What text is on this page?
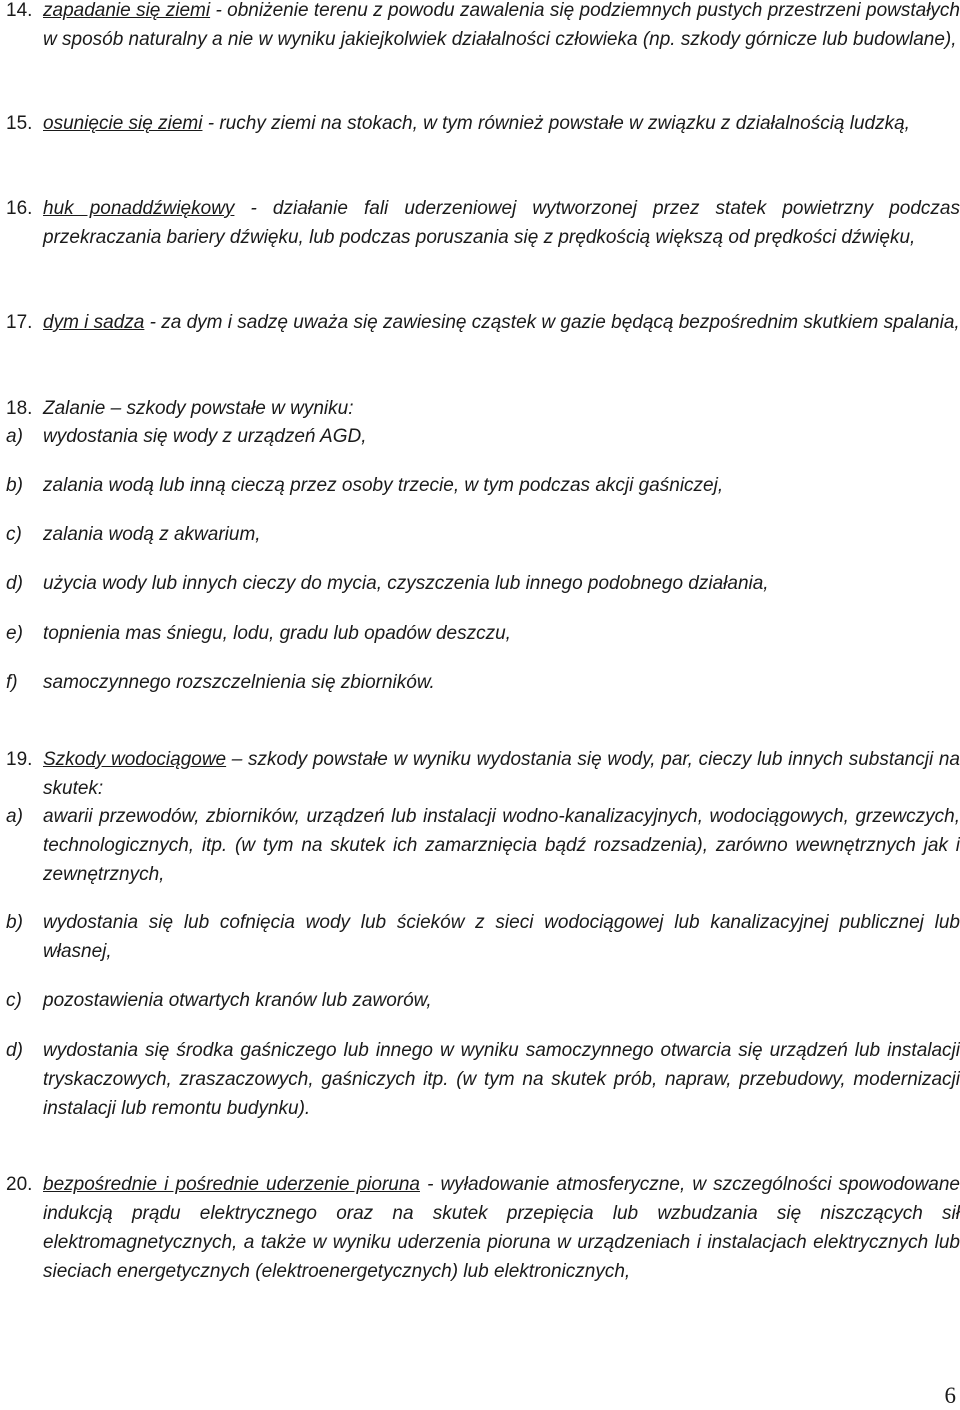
14. zapadanie się ziemi - obniżenie terenu z powodu zawalenia się podziemnych pustych przestrzeni powstałych w sposób naturalny a nie w wyniku jakiejkolwiek działalności człowieka (np. szkody górnicze lub budowlane),
15. osunięcie się ziemi - ruchy ziemi na stokach, w tym również powstałe w związku z działalnością ludzką,
16. huk ponaddźwiękowy - działanie fali uderzeniowej wytworzonej przez statek powietrzny podczas przekraczania bariery dźwięku, lub podczas poruszania się z prędkością większą od prędkości dźwięku,
17. dym i sadza - za dym i sadzę uważa się zawiesinę cząstek w gazie będącą bezpośrednim skutkiem spalania,
18. Zalanie – szkody powstałe w wyniku:
a)	wydostania się wody z urządzeń AGD,
b)	zalania wodą lub inną cieczą przez osoby trzecie, w tym podczas akcji gaśniczej,
c)	zalania wodą z akwarium,
d)	użycia wody lub innych cieczy do mycia, czyszczenia lub innego podobnego działania,
e)	topnienia mas śniegu, lodu, gradu lub opadów deszczu,
f)	samoczynnego rozszczelnienia się zbiorników.
19. Szkody wodociągowe – szkody powstałe w wyniku wydostania się wody, par, cieczy lub innych substancji na skutek:
a)	awarii przewodów, zbiorników, urządzeń lub instalacji wodno-kanalizacyjnych, wodociągowych, grzewczych, technologicznych, itp. (w tym na skutek ich zamarznięcia bądź rozsadzenia), zarówno wewnętrznych jak i zewnętrznych,
b)	wydostania się lub cofnięcia wody lub ścieków z sieci wodociągowej lub kanalizacyjnej publicznej lub własnej,
c)	pozostawienia otwartych kranów lub zaworów,
d)	wydostania się środka gaśniczego lub innego w wyniku samoczynnego otwarcia się urządzeń lub instalacji tryskaczowych, zraszaczowych, gaśniczych itp. (w tym na skutek prób, napraw, przebudowy, modernizacji instalacji lub remontu budynku).
20. bezpośrednie i pośrednie uderzenie pioruna - wyładowanie atmosferyczne, w szczególności spowodowane indukcją prądu elektrycznego oraz na skutek przepięcia lub wzbudzania się niszczących sił elektromagnetycznych, a także w wyniku uderzenia pioruna w urządzeniach i instalacjach elektrycznych lub sieciach energetycznych (elektroenergetycznych) lub elektronicznych,
6
